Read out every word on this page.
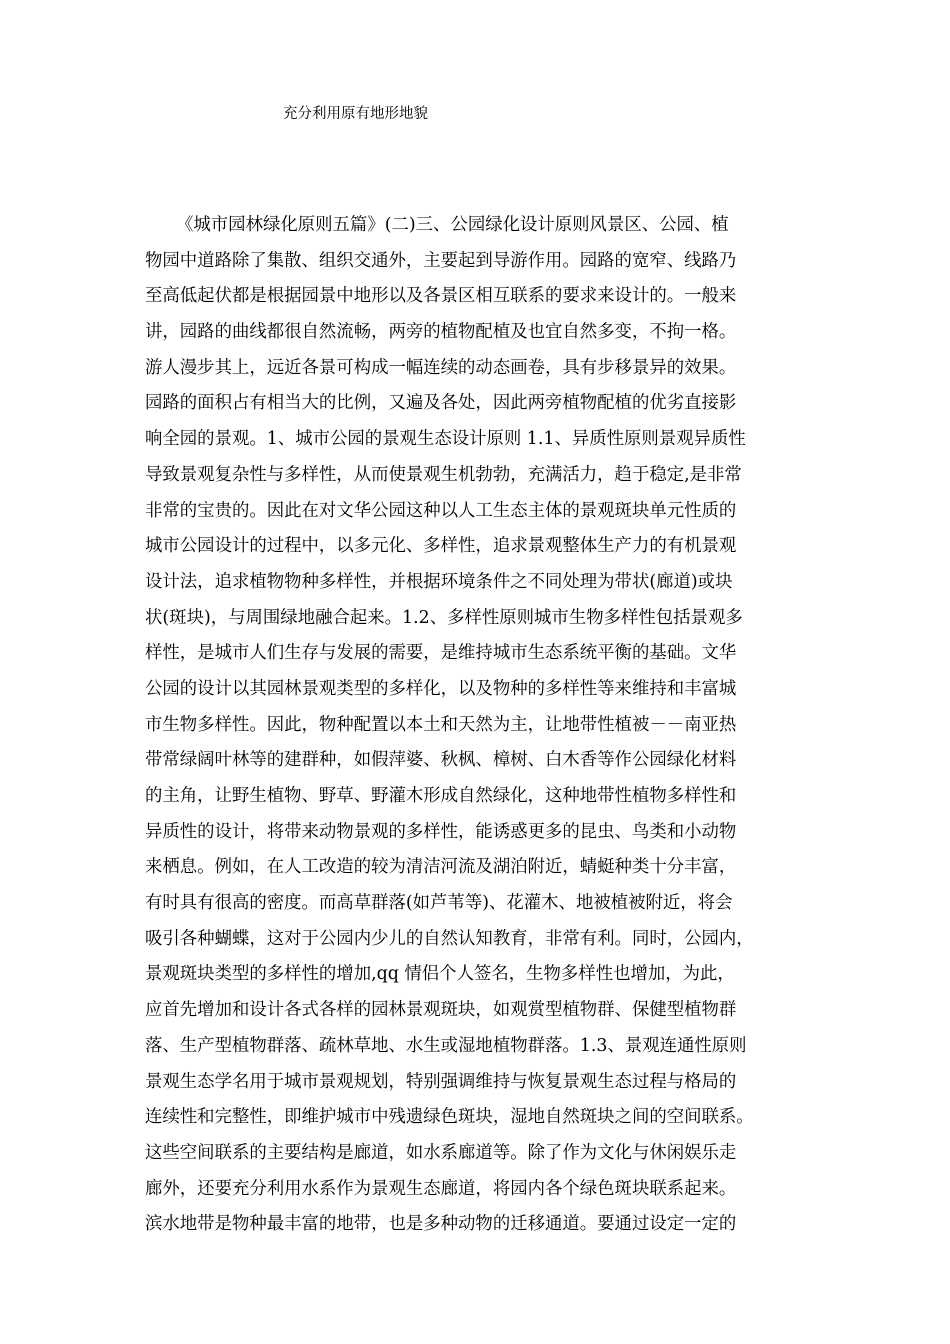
充分利用原有地形地貌
《城市园林绿化原则五篇》(二)三、公园绿化设计原则风景区、公园、植
物园中道路除了集散、组织交通外，主要起到导游作用。园路的宽窄、线路乃
至高低起伏都是根据园景中地形以及各景区相互联系的要求来设计的。一般来
讲，园路的曲线都很自然流畅，两旁的植物配植及也宜自然多变，不拘一格。
游人漫步其上，远近各景可构成一幅连续的动态画卷，具有步移景异的效果。
园路的面积占有相当大的比例，又遍及各处，因此两旁植物配植的优劣直接影
响全园的景观。1、城市公园的景观生态设计原则 1.1、异质性原则景观异质性
导致景观复杂性与多样性，从而使景观生机勃勃，充满活力，趋于稳定,是非常
非常的宝贵的。因此在对文华公园这种以人工生态主体的景观斑块单元性质的
城市公园设计的过程中，以多元化、多样性，追求景观整体生产力的有机景观
设计法，追求植物物种多样性，并根据环境条件之不同处理为带状(廊道)或块
状(斑块)，与周围绿地融合起来。1.2、多样性原则城市生物多样性包括景观多
样性，是城市人们生存与发展的需要，是维持城市生态系统平衡的基础。文华
公园的设计以其园林景观类型的多样化，以及物种的多样性等来维持和丰富城
市生物多样性。因此，物种配置以本土和天然为主，让地带性植被－－南亚热
带常绿阔叶林等的建群种，如假萍婆、秋枫、樟树、白木香等作公园绿化材料
的主角，让野生植物、野草、野灌木形成自然绿化，这种地带性植物多样性和
异质性的设计，将带来动物景观的多样性，能诱惑更多的昆虫、鸟类和小动物
来栖息。例如，在人工改造的较为清洁河流及湖泊附近，蜻蜓种类十分丰富，
有时具有很高的密度。而高草群落(如芦苇等)、花灌木、地被植被附近，将会
吸引各种蝴蝶，这对于公园内少儿的自然认知教育，非常有利。同时，公园内，
景观斑块类型的多样性的增加,qq 情侣个人签名，生物多样性也增加，为此，
应首先增加和设计各式各样的园林景观斑块，如观赏型植物群、保健型植物群
落、生产型植物群落、疏林草地、水生或湿地植物群落。1.3、景观连通性原则
景观生态学名用于城市景观规划，特别强调维持与恢复景观生态过程与格局的
连续性和完整性，即维护城市中残遗绿色斑块，湿地自然斑块之间的空间联系。
这些空间联系的主要结构是廊道，如水系廊道等。除了作为文化与休闲娱乐走
廊外，还要充分利用水系作为景观生态廊道，将园内各个绿色斑块联系起来。
滨水地带是物种最丰富的地带，也是多种动物的迁移通道。要通过设定一定的
